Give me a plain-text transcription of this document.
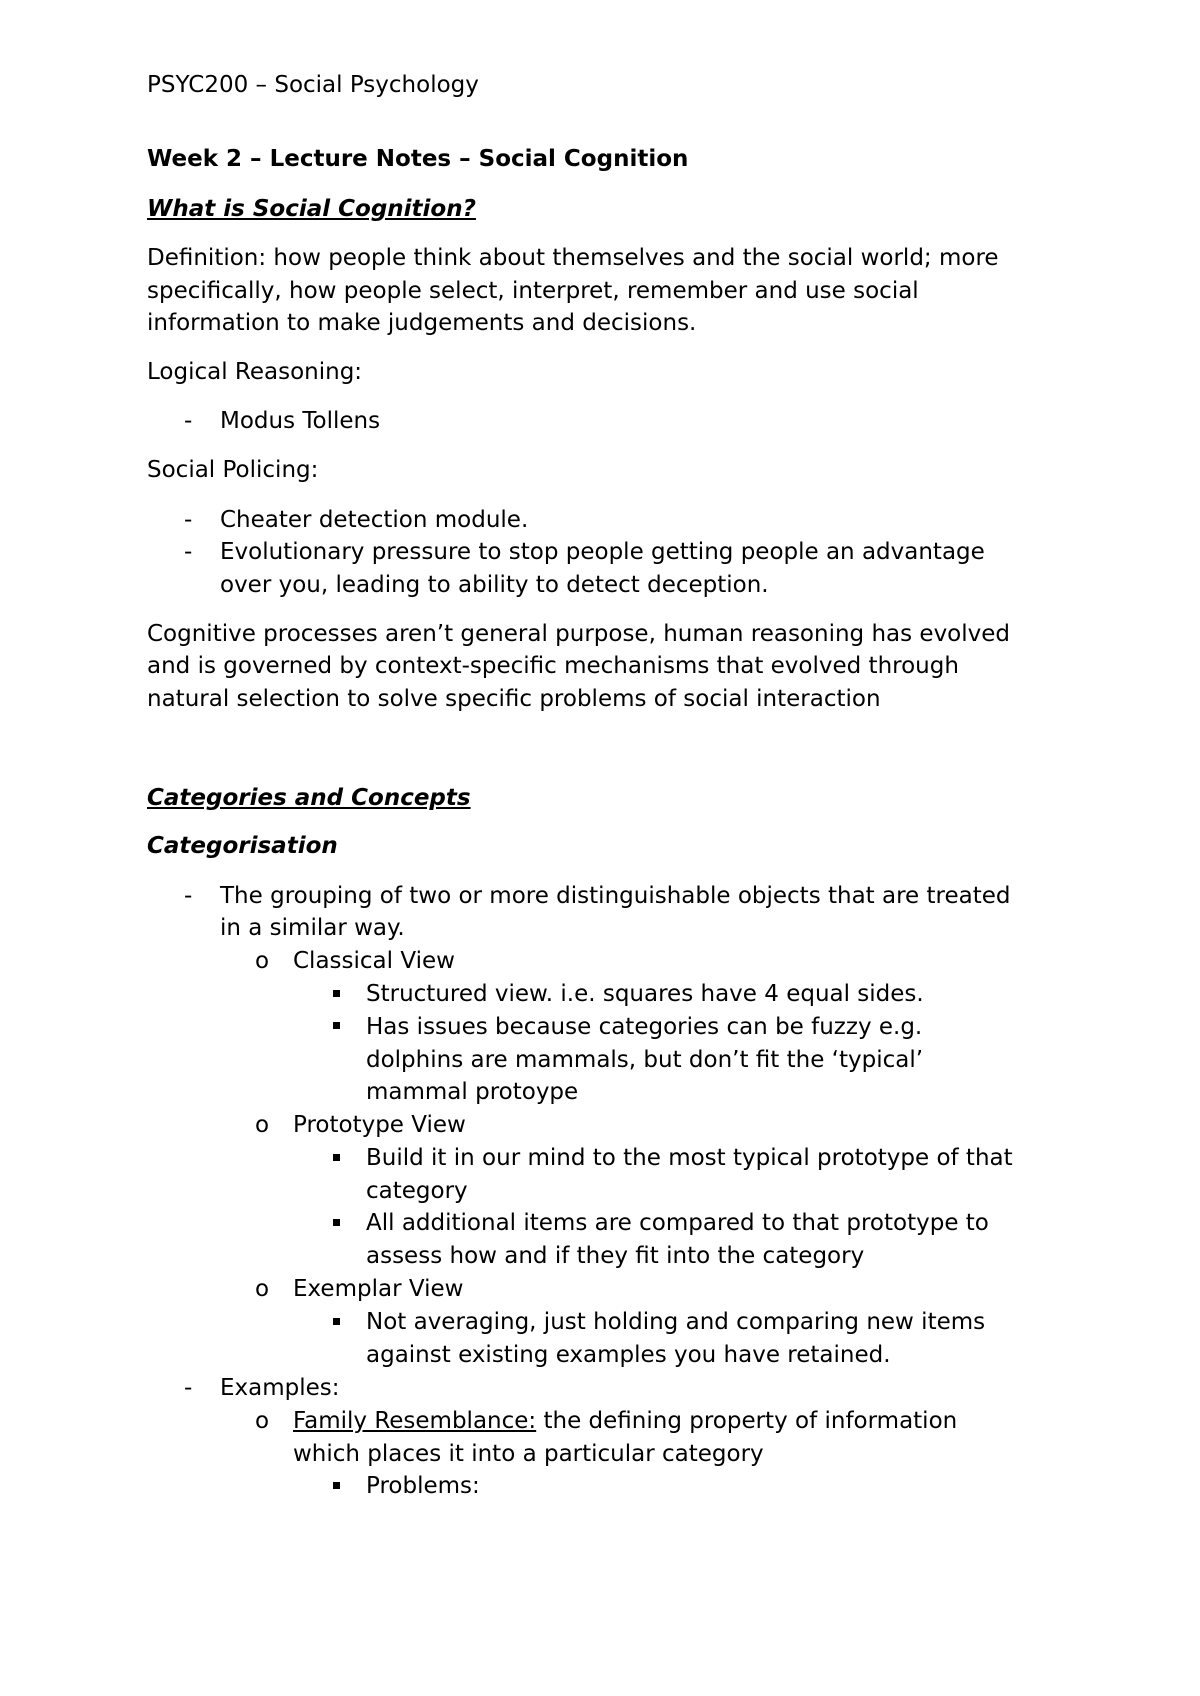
PSYC200 – Social Psychology
Week 2 – Lecture Notes – Social Cognition
What is Social Cognition?
Definition: how people think about themselves and the social world; more
specifically, how people select, interpret, remember and use social
information to make judgements and decisions.
Logical Reasoning:
- Modus Tollens
Social Policing:
- Cheater detection module.
- Evolutionary pressure to stop people getting people an advantage
over you, leading to ability to detect deception.
Cognitive processes aren’t general purpose, human reasoning has evolved
and is governed by context-specific mechanisms that evolved through
natural selection to solve specific problems of social interaction
Categories and Concepts
Categorisation
- The grouping of two or more distinguishable objects that are treated
in a similar way.
o Classical View
Structured view. i.e. squares have 4 equal sides.
Has issues because categories can be fuzzy e.g.
dolphins are mammals, but don’t fit the ‘typical’
mammal protoype
o Prototype View
Build it in our mind to the most typical prototype of that
category
All additional items are compared to that prototype to
assess how and if they fit into the category
o Exemplar View
Not averaging, just holding and comparing new items
against existing examples you have retained.
- Examples:
o Family Resemblance: the defining property of information
which places it into a particular category
Problems:
